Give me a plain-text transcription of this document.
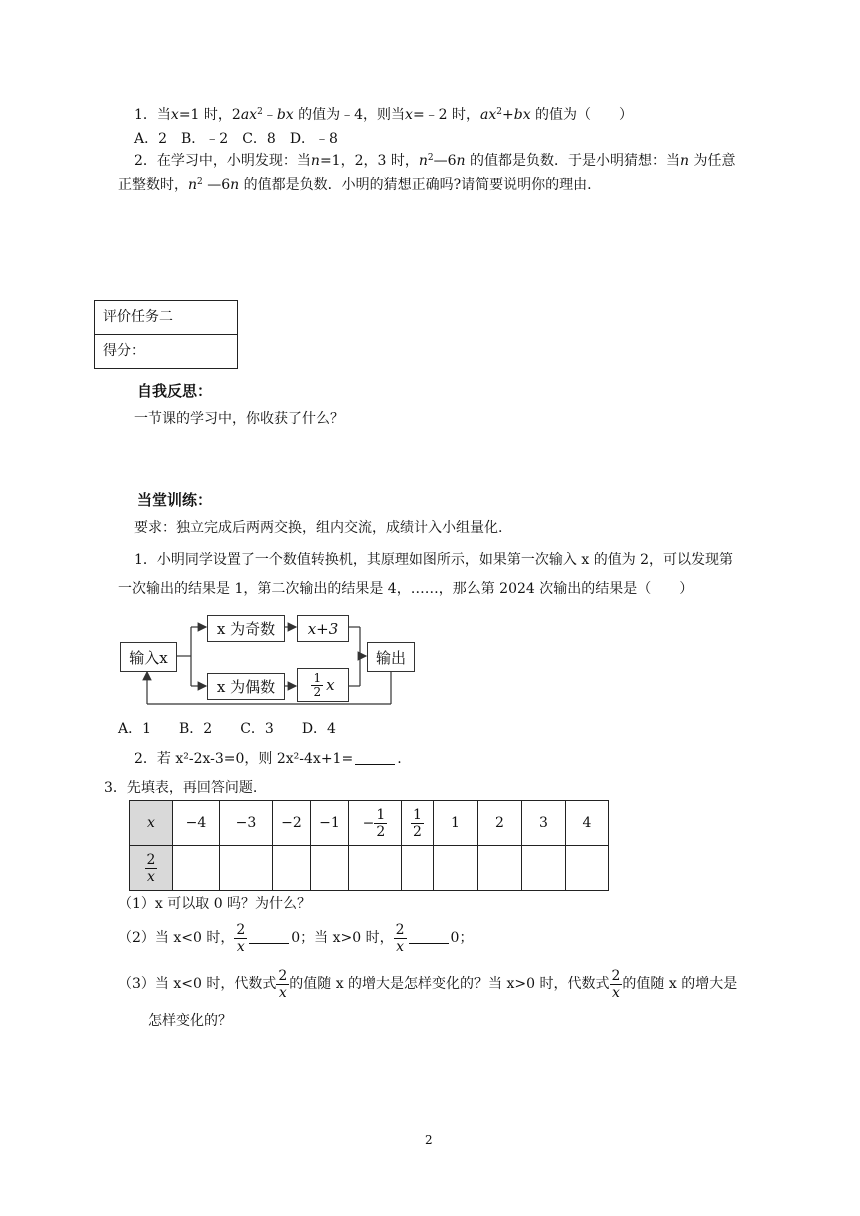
1．当x=1 时，$2ax^2﹣bx$ 的值为﹣4，则当x=﹣2 时，$ax^2+bx$ 的值为（　　）
A．2　B．﹣2　C．8　D．﹣8
2．在学习中，小明发现：当n=1，2，3 时，$n^2—6n$ 的值都是负数．于是小明猜想：当n 为任意
正整数时，$n^2$ —6n 的值都是负数．小明的猜想正确吗?请简要说明你的理由.
评价任务二
得分：
自我反思：
一节课的学习中，你收获了什么？
当堂训练：
要求：独立完成后两两交换，组内交流，成绩计入小组量化.
1．小明同学设置了一个数值转换机，其原理如图所示，如果第一次输入 x 的值为 2，可以发现第
一次输出的结果是 1，第二次输出的结果是 4，……，那么第 2024 次输出的结果是（　　）
输入x
x 为奇数 x+3
x 为偶数	$\frac{1}{2}$ x
输出
A．1　　B．2　　C．3　　D．4
2．若 x²-2x-3=0，则 2x²-4x+1=	.
3．先填表，再回答问题.
x	−4	−3	−2	−1	− $\frac{1}{2}$	$\frac{1}{2}$	1	2	3	4

$\frac{2}{x}$

（1）x 可以取 0 吗？为什么？
（2）当 x<0 时， $\frac{2}{x}$	0；当 x>0 时， $\frac{2}{x}$	0；
（3）当 x<0 时，代数式 $\frac{2}{x}$ 的值随 x 的增大是怎样变化的？当 x>0 时，代数式 $\frac{2}{x}$ 的值随 x 的增大是
怎样变化的？
2
